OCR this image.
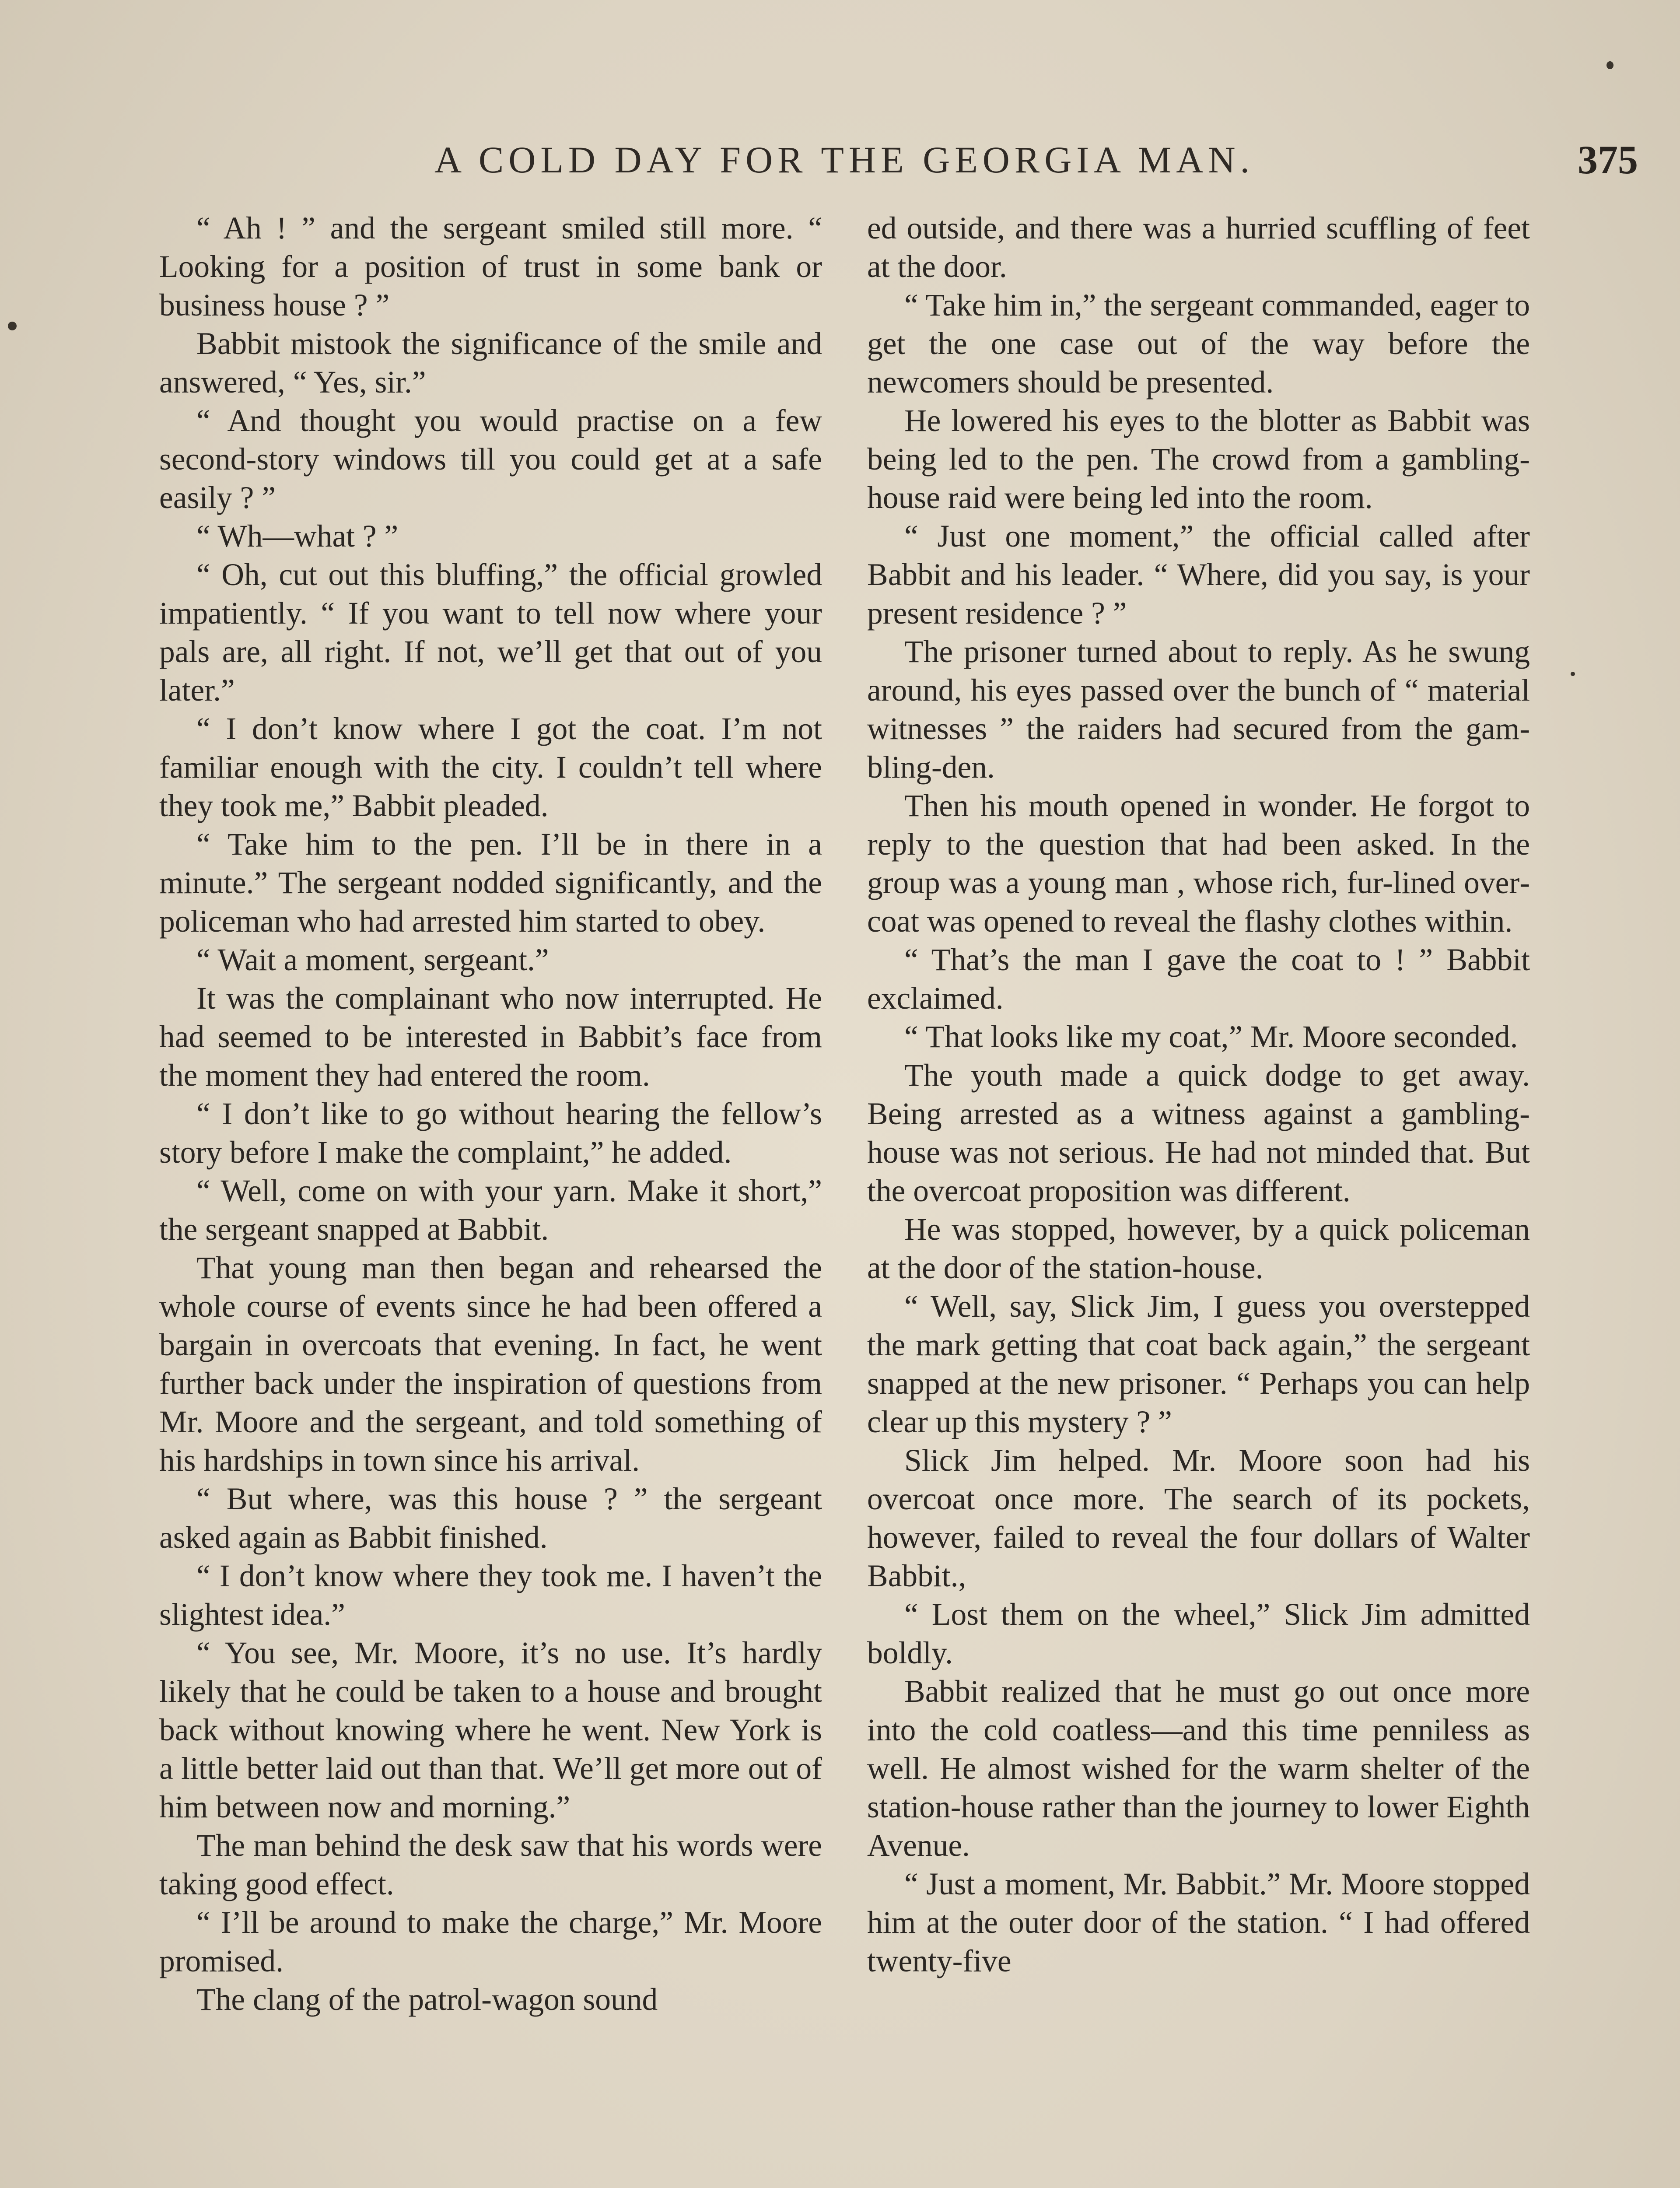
A COLD DAY FOR THE GEORGIA MAN.	375

“ Ah ! ” and the sergeant smiled still more. “ Looking for a position of trust in some bank or business house ? ”

Babbit mistook the significance of the smile and answered, “ Yes, sir.”

“ And thought you would practise on a few second-story windows till you could get at a safe easily ? ”

“ Wh—what ? ”

“ Oh, cut out this bluffing,” the official growled impatiently. “ If you want to tell now where your pals are, all right. If not, we’ll get that out of you later.”

“ I don’t know where I got the coat. I’m not familiar enough with the city. I couldn’t tell where they took me,” Babbit pleaded.

“ Take him to the pen. I’ll be in there in a minute.” The sergeant nodded significantly, and the policeman who had arrested him started to obey.

“ Wait a moment, sergeant.”

It was the complainant who now interrupted. He had seemed to be interested in Babbit’s face from the moment they had entered the room.

“ I don’t like to go without hearing the fellow’s story before I make the complaint,” he added.

“ Well, come on with your yarn. Make it short,” the sergeant snapped at Babbit.

That young man then began and rehearsed the whole course of events since he had been offered a bargain in overcoats that evening. In fact, he went further back under the inspiration of questions from Mr. Moore and the sergeant, and told something of his hardships in town since his arrival.

“ But where, was this house ? ” the sergeant asked again as Babbit finished.

“ I don’t know where they took me. I haven’t the slightest idea.”

“ You see, Mr. Moore, it’s no use. It’s hardly likely that he could be taken to a house and brought back without knowing where he went. New York is a little better laid out than that. We’ll get more out of him between now and morning.”

The man behind the desk saw that his words were taking good effect.

“ I’ll be around to make the charge,” Mr. Moore promised.

The clang of the patrol-wagon sound

ed outside, and there was a hurried scuffling of feet at the door.

“ Take him in,” the sergeant commanded, eager to get the one case out of the way before the newcomers should be presented.

He lowered his eyes to the blotter as Babbit was being led to the pen. The crowd from a gambling-house raid were being led into the room.

“ Just one moment,” the official called after Babbit and his leader. “ Where, did you say, is your present residence ? ”

The prisoner turned about to reply. As he swung around, his eyes passed over the bunch of “ material witnesses ” the raiders had secured from the gambling-den.

Then his mouth opened in wonder. He forgot to reply to the question that had been asked. In the group was a young man , whose rich, fur-lined overcoat was opened to reveal the flashy clothes within.

“ That’s the man I gave the coat to ! ” Babbit exclaimed.

“ That looks like my coat,” Mr. Moore seconded.

The youth made a quick dodge to get away. Being arrested as a witness against a gambling-house was not serious. He had not minded that. But the overcoat proposition was different.

He was stopped, however, by a quick policeman at the door of the station-house.

“ Well, say, Slick Jim, I guess you overstepped the mark getting that coat back again,” the sergeant snapped at the new prisoner. “ Perhaps you can help clear up this mystery ? ”

Slick Jim helped. Mr. Moore soon had his overcoat once more. The search of its pockets, however, failed to reveal the four dollars of Walter Babbit.,

“ Lost them on the wheel,” Slick Jim admitted boldly.

Babbit realized that he must go out once more into the cold coatless—and this time penniless as well. He almost wished for the warm shelter of the station-house rather than the journey to lower Eighth Avenue.

“ Just a moment, Mr. Babbit.” Mr. Moore stopped him at the outer door of the station. “ I had offered twenty-five
